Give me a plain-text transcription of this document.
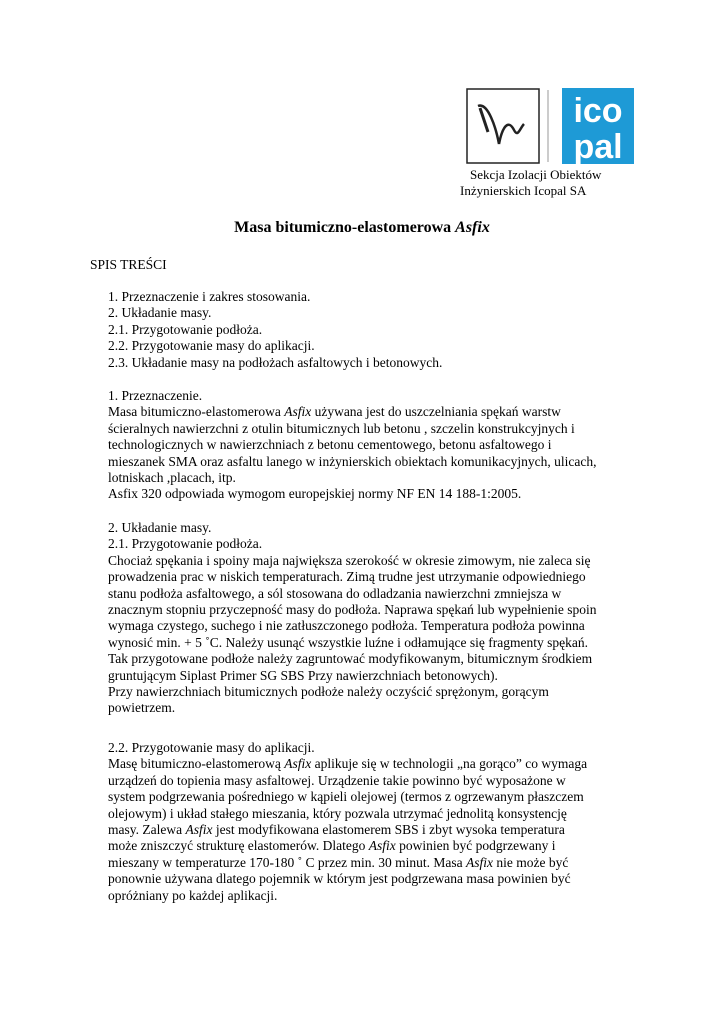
ico
pal
Sekcja Izolacji Obiektów
Inżynierskich Icopal SA
Masa bitumiczno-elastomerowa Asfix
SPIS TREŚCI
1. Przeznaczenie i zakres stosowania.
2. Układanie masy.
2.1. Przygotowanie podłoża.
2.2. Przygotowanie masy do aplikacji.
2.3. Układanie masy na podłożach asfaltowych i betonowych.
1. Przeznaczenie.
Masa bitumiczno-elastomerowa Asfix używana jest do uszczelniania spękań warstw
ścieralnych nawierzchni z otulin bitumicznych lub betonu , szczelin konstrukcyjnych i
technologicznych w nawierzchniach z betonu cementowego, betonu asfaltowego i
mieszanek SMA oraz asfaltu lanego w inżynierskich obiektach komunikacyjnych, ulicach,
lotniskach ,placach, itp.
Asfix 320 odpowiada wymogom europejskiej normy NF EN 14 188-1:2005.
2. Układanie masy.
2.1. Przygotowanie podłoża.
Chociaż spękania i spoiny maja największa szerokość w okresie zimowym, nie zaleca się
prowadzenia prac w niskich temperaturach. Zimą trudne jest utrzymanie odpowiedniego
stanu podłoża asfaltowego, a sól stosowana do odladzania nawierzchni zmniejsza w
znacznym stopniu przyczepność masy do podłoża. Naprawa spękań lub wypełnienie spoin
wymaga czystego, suchego i nie zatłuszczonego podłoża. Temperatura podłoża powinna
wynosić min. + 5 ˚C. Należy usunąć wszystkie luźne i odłamujące się fragmenty spękań.
Tak przygotowane podłoże należy zagruntować modyfikowanym, bitumicznym środkiem
gruntującym Siplast Primer SG SBS Przy nawierzchniach betonowych).
Przy nawierzchniach bitumicznych podłoże należy oczyścić sprężonym, gorącym
powietrzem.
2.2. Przygotowanie masy do aplikacji.
Masę bitumiczno-elastomerową Asfix aplikuje się w technologii „na gorąco” co wymaga
urządzeń do topienia masy asfaltowej. Urządzenie takie powinno być wyposażone w
system podgrzewania pośredniego w kąpieli olejowej (termos z ogrzewanym płaszczem
olejowym) i układ stałego mieszania, który pozwala utrzymać jednolitą konsystencję
masy. Zalewa Asfix jest modyfikowana elastomerem SBS i zbyt wysoka temperatura
może zniszczyć strukturę elastomerów. Dlatego Asfix powinien być podgrzewany i
mieszany w temperaturze 170-180 ˚ C przez min. 30 minut. Masa Asfix nie może być
ponownie używana dlatego pojemnik w którym jest podgrzewana masa powinien być
opróżniany po każdej aplikacji.
